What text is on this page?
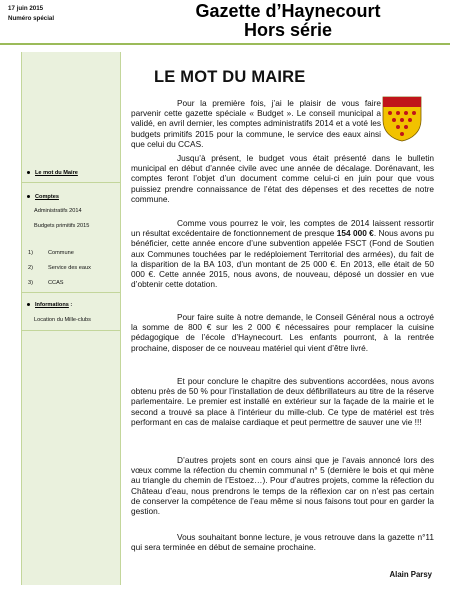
17 juin 2015
Numéro spécial	Gazette d’Haynecourt
Hors série
Le mot du Maire
Comptes
Administratifs 2014
Budgets primitifs 2015
1)	Commune
2)	Service des eaux
3)	CCAS
Informations :
Location du Mille-clubs
LE MOT DU MAIRE

Pour la première fois, j’ai le plaisir de vous faire parvenir cette gazette spéciale « Budget ». Le conseil municipal a validé, en avril dernier, les comptes administratifs 2014 et a voté les budgets primitifs 2015 pour la commune, le service des eaux ainsi que celui du CCAS.

Jusqu’à présent, le budget vous était présenté dans le bulletin municipal en début d’année civile avec une année de décalage. Dorénavant, les comptes feront l’objet d’un document comme celui-ci en juin pour que vous puissiez prendre connaissance de l’état des dépenses et des recettes de notre commune.

Comme vous pourrez le voir, les comptes de 2014 laissent ressortir un résultat excédentaire de fonctionnement de presque 154 000 €. Nous avons pu bénéficier, cette année encore d’une subvention appelée FSCT (Fond de Soutien aux Communes touchées par le redéploiement Territorial des armées), du fait de la disparition de la BA 103, d’un montant de 25 000 €. En 2013, elle était de 50 000 €. Cette année 2015, nous avons, de nouveau, déposé un dossier en vue d’obtenir cette dotation.

Pour faire suite à notre demande, le Conseil Général nous a octroyé la somme de 800 € sur les 2 000 € nécessaires pour remplacer la cuisine pédagogique de l’école d’Haynecourt. Les enfants pourront, à la rentrée prochaine, disposer de ce nouveau matériel qui vient d’être livré.

Et pour conclure le chapitre des subventions accordées, nous avons obtenu près de 50 % pour l’installation de deux défibrillateurs au titre de la réserve parlementaire. Le premier est installé en extérieur sur la façade de la mairie et le second a trouvé sa place à l’intérieur du mille-club. Ce type de matériel est très performant en cas de malaise cardiaque et peut permettre de sauver une vie !!!

D’autres projets sont en cours ainsi que je l’avais annoncé lors des vœux comme la réfection du chemin communal n° 5 (dernière le bois et qui mène au triangle du chemin de l’Estoez…). Pour d’autres projets, comme la réfection du Château d’eau, nous prendrons le temps de la réflexion car on n’est pas certain de conserver la compétence de l’eau même si nous faisons tout pour en garder la gestion.

Vous souhaitant bonne lecture, je vous retrouve dans la gazette n°11 qui sera terminée en début de semaine prochaine.

Alain Parsy
